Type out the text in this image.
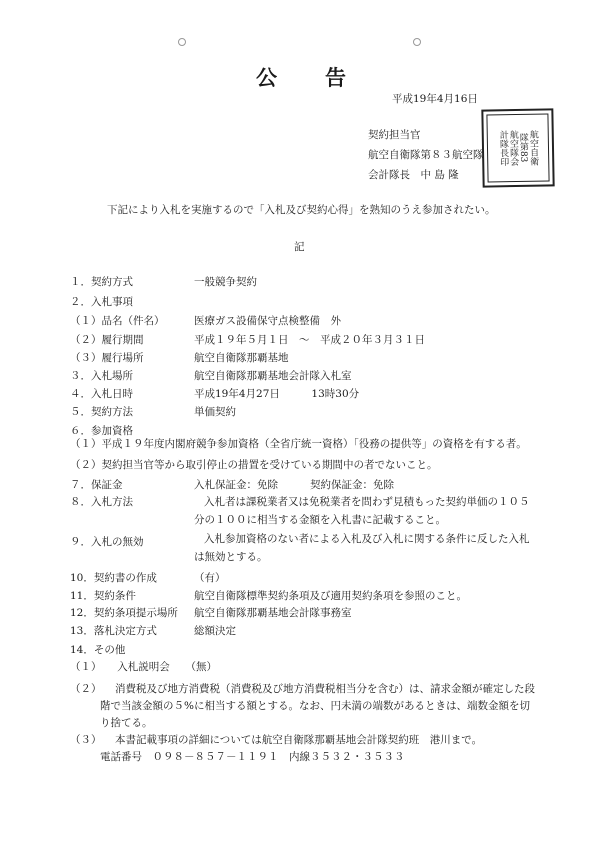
公　　告
平成19年4月16日
契約担当官
航空自衛隊第８３航空隊
会計隊長　中 島 隆
航空自衛
隊第83
航空隊会
計隊長印
下記により入札を実施するので「入札及び契約心得」を熟知のうえ参加されたい。
記
１．契約方式	一般競争契約
２．入札事項
（１）品名（件名）	医療ガス設備保守点検整備　外
（２）履行期間	平成１９年５月１日　～　平成２０年３月３１日
（３）履行場所	航空自衛隊那覇基地
３．入札場所	航空自衛隊那覇基地会計隊入札室
４．入札日時	平成19年4月27日　　　13時30分
５．契約方法	単価契約
６．参加資格
（１）平成１９年度内閣府競争参加資格（全省庁統一資格）「役務の提供等」の資格を有する者。
（２）契約担当官等から取引停止の措置を受けている期間中の者でないこと。
７．保証金	入札保証金：免除	契約保証金：免除
８．入札方法	入札者は課税業者又は免税業者を問わず見積もった契約単価の１０５
分の１００に相当する金額を入札書に記載すること。
９．入札の無効	入札参加資格のない者による入札及び入札に関する条件に反した入札
は無効とする。
10．契約書の作成	（有）
11．契約条件	航空自衛隊標準契約条項及び適用契約条項を参照のこと。
12．契約条項提示場所 航空自衛隊那覇基地会計隊事務室
13．落札決定方式	総額決定
14．その他
（１）　　入札説明会　　（無）
（２） 消費税及び地方消費税（消費税及び地方消費税相当分を含む）は、請求金額が確定した段
階で当該金額の５%に相当する額とする。なお、円未満の端数があるときは、端数金額を切
り捨てる。
（３） 本書記載事項の詳細については航空自衛隊那覇基地会計隊契約班　港川まで。
電話番号　０９８－８５７－１１９１　内線３５３２・３５３３
